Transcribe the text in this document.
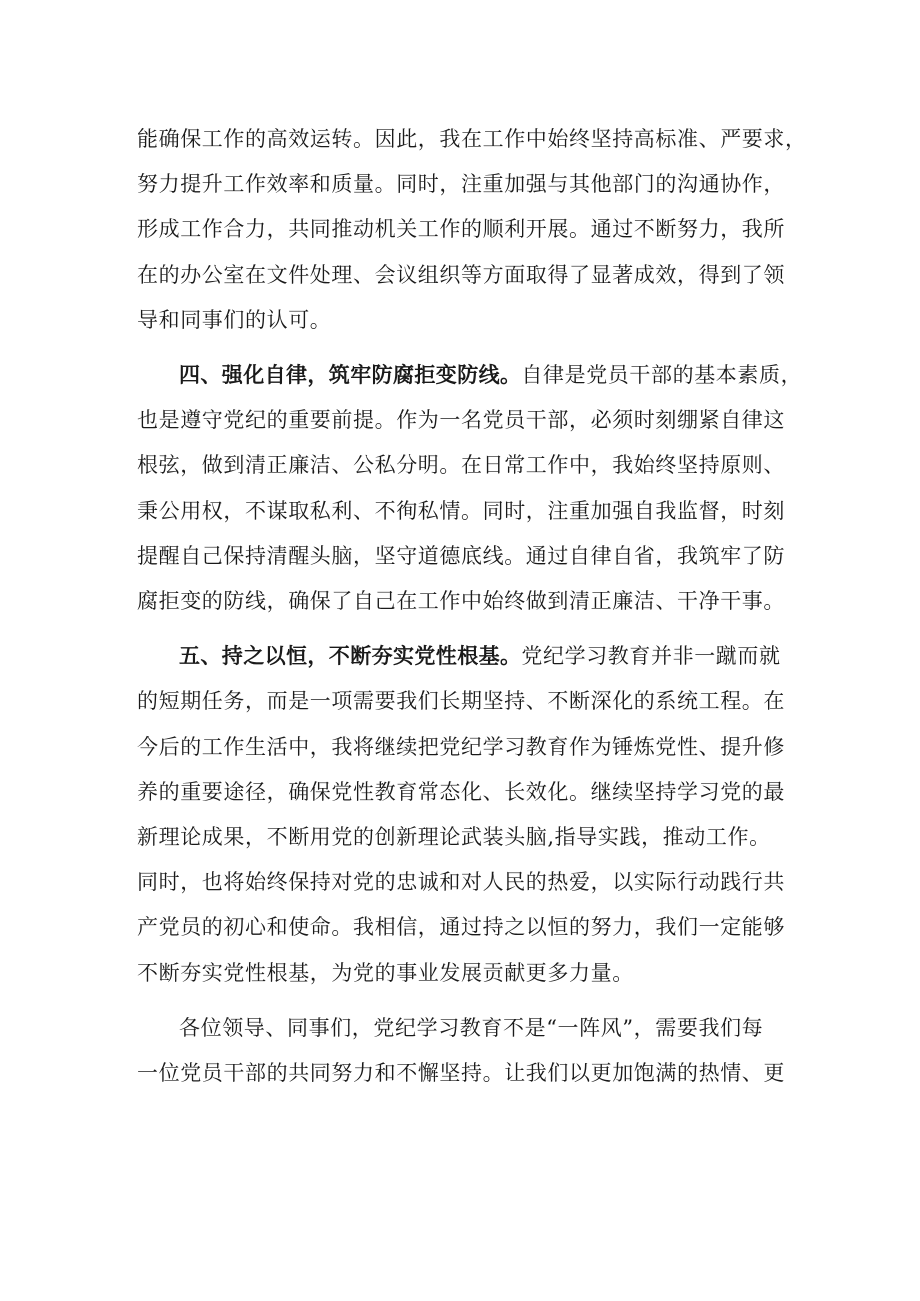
能确保工作的高效运转。因此，我在工作中始终坚持高标准、严要求，
努力提升工作效率和质量。同时，注重加强与其他部门的沟通协作，
形成工作合力，共同推动机关工作的顺利开展。通过不断努力，我所
在的办公室在文件处理、会议组织等方面取得了显著成效，得到了领
导和同事们的认可。

四、强化自律，筑牢防腐拒变防线。自律是党员干部的基本素质，
也是遵守党纪的重要前提。作为一名党员干部，必须时刻绷紧自律这
根弦，做到清正廉洁、公私分明。在日常工作中，我始终坚持原则、
秉公用权，不谋取私利、不徇私情。同时，注重加强自我监督，时刻
提醒自己保持清醒头脑，坚守道德底线。通过自律自省，我筑牢了防
腐拒变的防线，确保了自己在工作中始终做到清正廉洁、干净干事。

五、持之以恒，不断夯实党性根基。党纪学习教育并非一蹴而就
的短期任务，而是一项需要我们长期坚持、不断深化的系统工程。在
今后的工作生活中，我将继续把党纪学习教育作为锤炼党性、提升修
养的重要途径，确保党性教育常态化、长效化。继续坚持学习党的最
新理论成果，不断用党的创新理论武装头脑,指导实践，推动工作。
同时，也将始终保持对党的忠诚和对人民的热爱，以实际行动践行共
产党员的初心和使命。我相信，通过持之以恒的努力，我们一定能够
不断夯实党性根基，为党的事业发展贡献更多力量。

各位领导、同事们，党纪学习教育不是“一阵风”，需要我们每
一位党员干部的共同努力和不懈坚持。让我们以更加饱满的热情、更
